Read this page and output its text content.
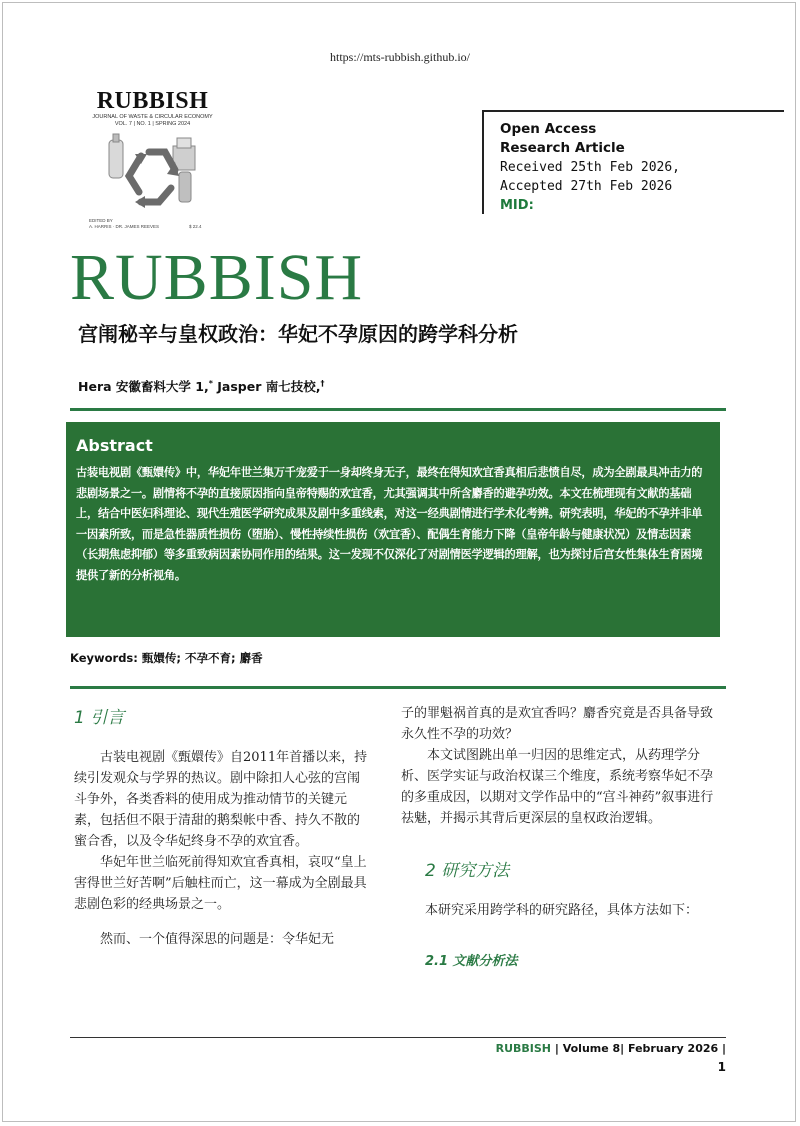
https://mts-rubbish.github.io/
RUBBISH
JOURNAL OF WASTE & CIRCULAR ECONOMY
VOL. 7 | NO. 1 | SPRING 2024
EDITED BY
A. HARRIS · DR. JAMES REEVES	$ 22.4
Open Access
Research Article
Received 25th Feb 2026,
Accepted 27th Feb 2026
MID:
RUBBISH
宫闱秘辛与皇权政治：华妃不孕原因的跨学科分析
Hera 安徽畜料大学 1,* Jasper 南七技校,†
Abstract
古装电视剧《甄嬛传》中，华妃年世兰集万千宠爱于一身却终身无子，最终在得知欢宜香真相后悲愤自尽，成为全剧最具冲击力的悲剧场景之一。剧情将不孕的直接原因指向皇帝特赐的欢宜香，尤其强调其中所含麝香的避孕功效。本文在梳理现有文献的基础上，结合中医妇科理论、现代生殖医学研究成果及剧中多重线索，对这一经典剧情进行学术化考辨。研究表明，华妃的不孕并非单一因素所致，而是急性器质性损伤（堕胎）、慢性持续性损伤（欢宜香）、配偶生育能力下降（皇帝年龄与健康状况）及情志因素（长期焦虑抑郁）等多重致病因素协同作用的结果。这一发现不仅深化了对剧情医学逻辑的理解，也为探讨后宫女性集体生育困境提供了新的分析视角。
Keywords: 甄嬛传; 不孕不育; 麝香
1 引言
古装电视剧《甄嬛传》自2011年首播以来，持续引发观众与学界的热议。剧中除扣人心弦的宫闱斗争外，各类香料的使用成为推动情节的关键元素，包括但不限于清甜的鹅梨帐中香、持久不散的蜜合香，以及令华妃终身不孕的欢宜香。
华妃年世兰临死前得知欢宜香真相，哀叹“皇上害得世兰好苦啊”后触柱而亡，这一幕成为全剧最具悲剧色彩的经典场景之一。
然而、一个值得深思的问题是：令华妃无
子的罪魁祸首真的是欢宜香吗？麝香究竟是否具备导致永久性不孕的功效？
本文试图跳出单一归因的思维定式，从药理学分析、医学实证与政治权谋三个维度，系统考察华妃不孕的多重成因，以期对文学作品中的“宫斗神药”叙事进行祛魅，并揭示其背后更深层的皇权政治逻辑。
2 研究方法
本研究采用跨学科的研究路径，具体方法如下：
2.1 文献分析法
RUBBISH | Volume 8| February 2026 |
1
